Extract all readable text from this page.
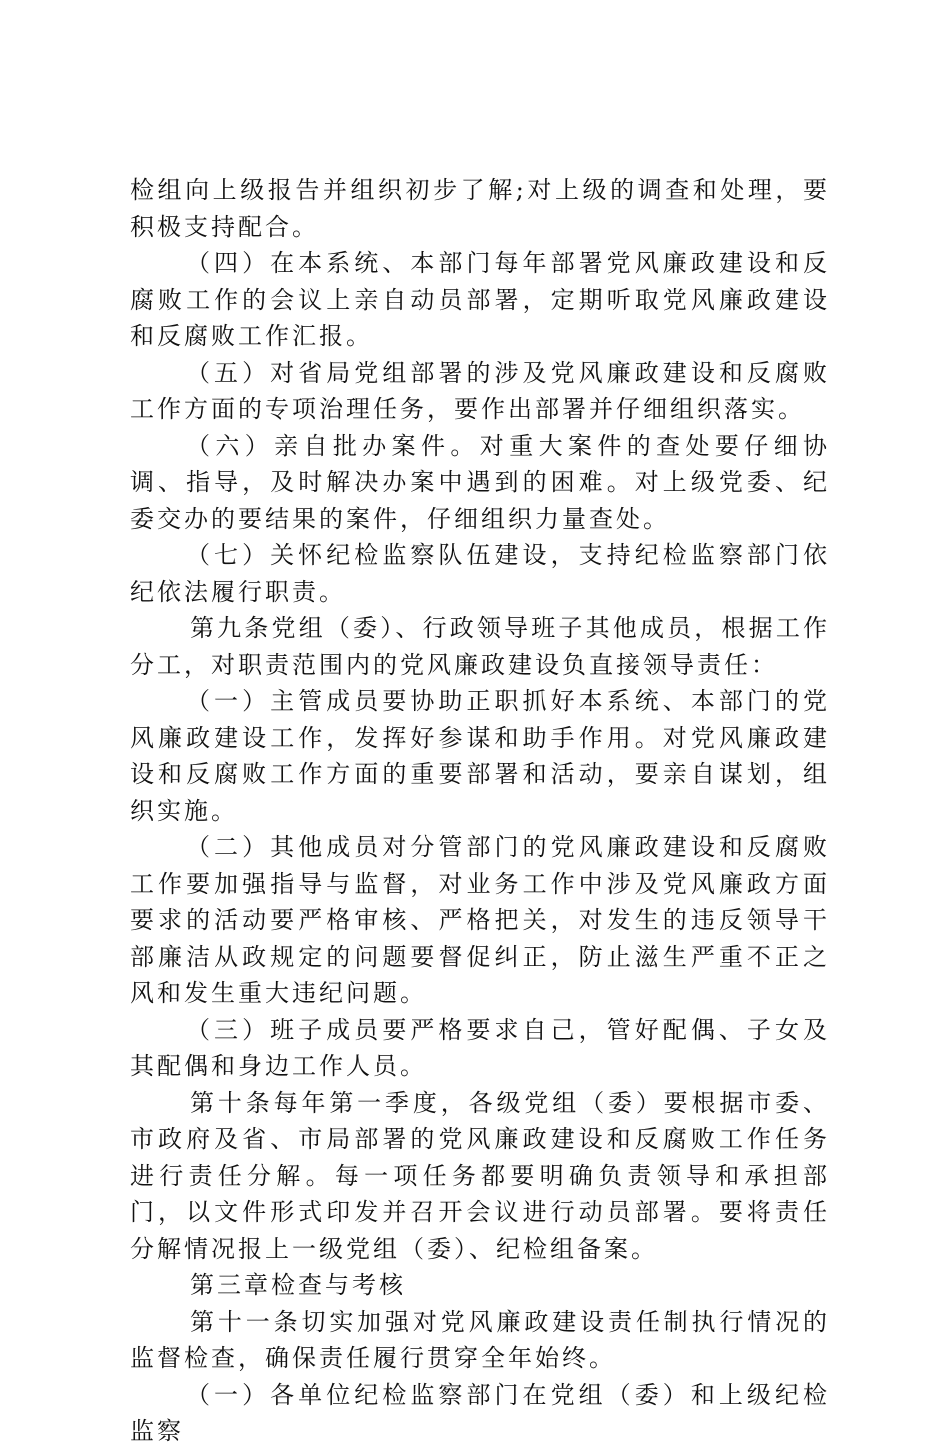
检组向上级报告并组织初步了解;对上级的调查和处理，要积极支持配合。

（四）在本系统、本部门每年部署党风廉政建设和反腐败工作的会议上亲自动员部署，定期听取党风廉政建设和反腐败工作汇报。

（五）对省局党组部署的涉及党风廉政建设和反腐败工作方面的专项治理任务，要作出部署并仔细组织落实。

（六）亲自批办案件。对重大案件的查处要仔细协调、指导，及时解决办案中遇到的困难。对上级党委、纪委交办的要结果的案件，仔细组织力量查处。

（七）关怀纪检监察队伍建设，支持纪检监察部门依纪依法履行职责。

第九条党组（委）、行政领导班子其他成员，根据工作分工，对职责范围内的党风廉政建设负直接领导责任：

（一）主管成员要协助正职抓好本系统、本部门的党风廉政建设工作，发挥好参谋和助手作用。对党风廉政建设和反腐败工作方面的重要部署和活动，要亲自谋划，组织实施。

（二）其他成员对分管部门的党风廉政建设和反腐败工作要加强指导与监督，对业务工作中涉及党风廉政方面要求的活动要严格审核、严格把关，对发生的违反领导干部廉洁从政规定的问题要督促纠正，防止滋生严重不正之风和发生重大违纪问题。

（三）班子成员要严格要求自己，管好配偶、子女及其配偶和身边工作人员。

第十条每年第一季度，各级党组（委）要根据市委、市政府及省、市局部署的党风廉政建设和反腐败工作任务进行责任分解。每一项任务都要明确负责领导和承担部门，以文件形式印发并召开会议进行动员部署。要将责任分解情况报上一级党组（委）、纪检组备案。

第三章检查与考核

第十一条切实加强对党风廉政建设责任制执行情况的监督检查，确保责任履行贯穿全年始终。

（一）各单位纪检监察部门在党组（委）和上级纪检监察
